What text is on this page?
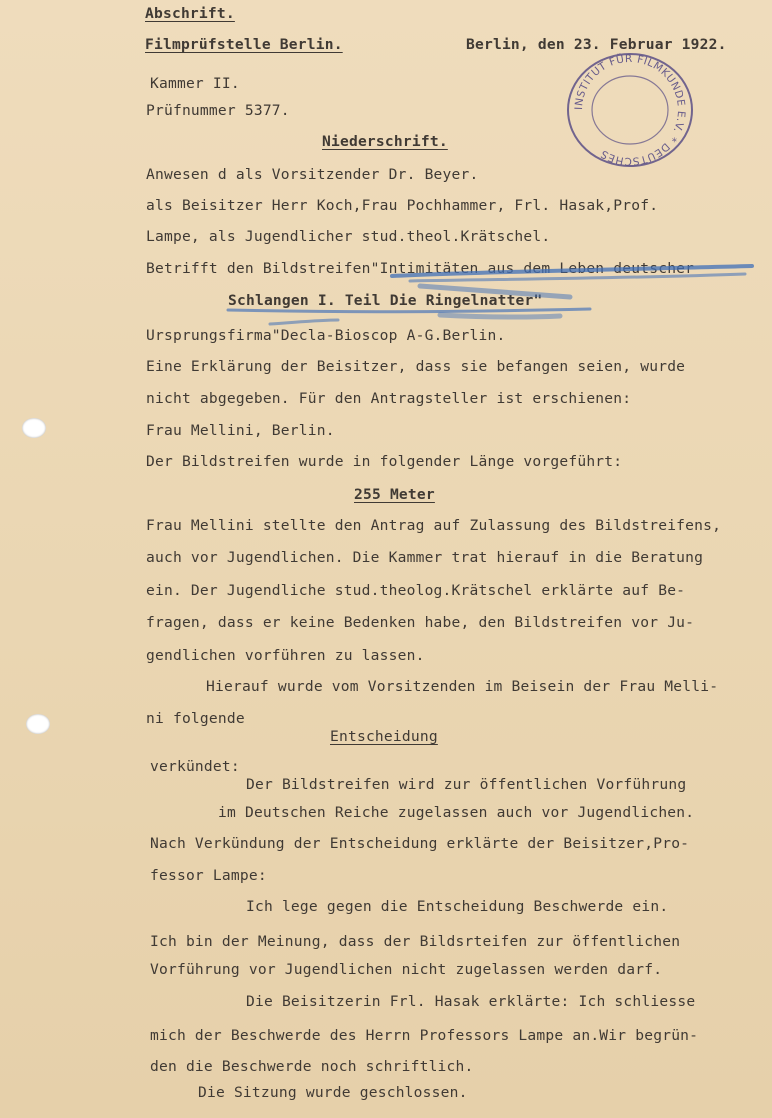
Abschrift.
Filmprüfstelle Berlin.	Berlin, den 23. Februar 1922.
Kammer II.
Prüfnummer 5377.
Niederschrift.
Anwesen d als Vorsitzender Dr. Beyer.
als Beisitzer Herr Koch,Frau Pochhammer, Frl. Hasak,Prof.
Lampe, als Jugendlicher stud.theol.Krätschel.
Betrifft den Bildstreifen"Intimitäten aus dem Leben deutscher
Schlangen I. Teil Die Ringelnatter"
Ursprungsfirma"Decla-Bioscop A-G.Berlin.
Eine Erklärung der Beisitzer, dass sie befangen seien, wurde
nicht abgegeben. Für den Antragsteller ist erschienen:
Frau Mellini, Berlin.
Der Bildstreifen wurde in folgender Länge vorgeführt:
255 Meter
Frau Mellini stellte den Antrag auf Zulassung des Bildstreifens,
auch vor Jugendlichen. Die Kammer trat hierauf in die Beratung
ein. Der Jugendliche stud.theolog.Krätschel erklärte auf Be-
fragen, dass er keine Bedenken habe, den Bildstreifen vor Ju-
gendlichen vorführen zu lassen.
Hierauf wurde vom Vorsitzenden im Beisein der Frau Melli-
ni folgende
Entscheidung
verkündet:
Der Bildstreifen wird zur öffentlichen Vorführung
im Deutschen Reiche zugelassen auch vor Jugendlichen.
Nach Verkündung der Entscheidung erklärte der Beisitzer,Pro-
fessor Lampe:
Ich lege gegen die Entscheidung Beschwerde ein.
Ich bin der Meinung, dass der Bildsrteifen zur öffentlichen
Vorführung vor Jugendlichen nicht zugelassen werden darf.
Die Beisitzerin Frl. Hasak erklärte: Ich schliesse
mich der Beschwerde des Herrn Professors Lampe an.Wir begrün-
den die Beschwerde noch schriftlich.
Die Sitzung wurde geschlossen.
INSTITUT FÜR FILMKUNDE E.V. * DEUTSCHES
